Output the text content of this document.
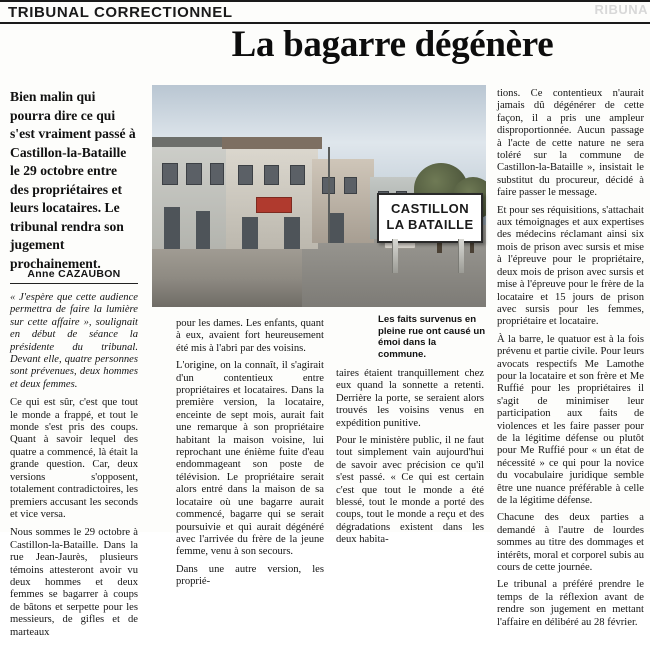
TRIBUNAL CORRECTIONNEL	RIBUNA
La bagarre dégénère
Bien malin qui pourra dire ce qui s'est vraiment passé à Castillon-la-Bataille le 29 octobre entre des propriétaires et leurs locataires. Le tribunal rendra son jugement prochainement.
Anne CAZAUBON

« J'espère que cette audience permettra de faire la lumière sur cette affaire », soulignait en début de séance la présidente du tribunal. Devant elle, quatre personnes sont prévenues, deux hommes et deux femmes.

Ce qui est sûr, c'est que tout le monde a frappé, et tout le monde s'est pris des coups. Quant à savoir lequel des quatre a commencé, là était la grande question. Car, deux versions s'opposent, totalement contradictoires, les premiers accusant les seconds et vice versa.

Nous sommes le 29 octobre à Castillon-la-Bataille. Dans la rue Jean-Jaurès, plusieurs témoins attesteront avoir vu deux hommes et deux femmes se bagarrer à coups de bâtons et serpette pour les messieurs, de gifles et de marteaux

CASTILLON
LA BATAILLE
Les faits survenus en pleine rue ont causé un émoi dans la commune.

pour les dames. Les enfants, quant à eux, avaient fort heureusement été mis à l'abri par des voisins.

L'origine, on la connaît, il s'agirait d'un contentieux entre propriétaires et locataires. Dans la première version, la locataire, enceinte de sept mois, aurait fait une remarque à son propriétaire habitant la maison voisine, lui reprochant une énième fuite d'eau endommageant son poste de télévision. Le propriétaire serait alors entré dans la maison de sa locataire où une bagarre aurait commencé, bagarre qui se serait poursuivie et qui aurait dégénéré avec l'arrivée du frère de la jeune femme, venu à son secours.

Dans une autre version, les proprié-

taires étaient tranquillement chez eux quand la sonnette a retenti. Derrière la porte, se seraient alors trouvés les voisins venus en expédition punitive.

Pour le ministère public, il ne faut tout simplement vain aujourd'hui de savoir avec précision ce qu'il s'est passé. « Ce qui est certain c'est que tout le monde a été blessé, tout le monde a porté des coups, tout le monde a reçu et des dégradations existent dans les deux habita-

tions. Ce contentieux n'aurait jamais dû dégénérer de cette façon, il a pris une ampleur disproportionnée. Aucun passage à l'acte de cette nature ne sera toléré sur la commune de Castillon-la-Bataille », insistait le substitut du procureur, décidé à faire passer le message.

Et pour ses réquisitions, s'attachait aux témoignages et aux expertises des médecins réclamant ainsi six mois de prison avec sursis et mise à l'épreuve pour le propriétaire, deux mois de prison avec sursis et mise à l'épreuve pour le frère de la locataire et 15 jours de prison avec sursis pour les femmes, propriétaire et locataire.

À la barre, le quatuor est à la fois prévenu et partie civile. Pour leurs avocats respectifs Me Lamothe pour la locataire et son frère et Me Ruffié pour les propriétaires il s'agit de minimiser leur participation aux faits de violences et les faire passer pour de la légitime défense ou plutôt pour Me Ruffié pour « un état de nécessité » ce qui pour la novice du vocabulaire juridique semble être une nuance préférable à celle de la légitime défense.

Chacune des deux parties a demandé à l'autre de lourdes sommes au titre des dommages et intérêts, moral et corporel subis au cours de cette journée.

Le tribunal a préféré prendre le temps de la réflexion avant de rendre son jugement en mettant l'affaire en délibéré au 28 février.
